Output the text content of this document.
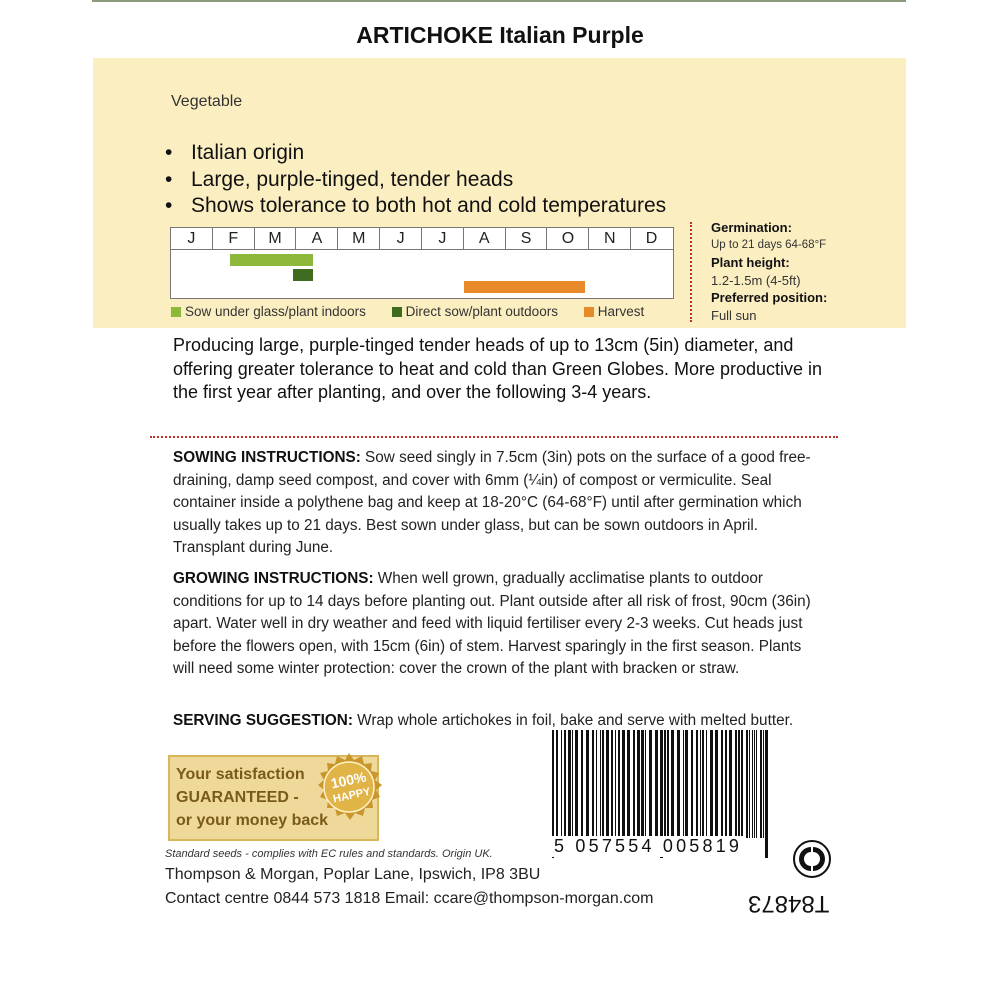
ARTICHOKE Italian Purple
Vegetable
• Italian origin
• Large, purple-tinged, tender heads
• Shows tolerance to both hot and cold temperatures
J	F	M	A	M	J	J	A	S	O	N	D
Sow under glass/plant indoors	Direct sow/plant outdoors	Harvest
Germination:
Up to 21 days 64-68°F
Plant height:
1.2-1.5m (4-5ft)
Preferred position:
Full sun
Producing large, purple-tinged tender heads of up to 13cm (5in) diameter, and offering greater tolerance to heat and cold than Green Globes. More productive in the first year after planting, and over the following 3-4 years.
SOWING INSTRUCTIONS: Sow seed singly in 7.5cm (3in) pots on the surface of a good free-draining, damp seed compost, and cover with 6mm (¼in) of compost or vermiculite. Seal container inside a polythene bag and keep at 18-20°C (64-68°F) until after germination which usually takes up to 21 days. Best sown under glass, but can be sown outdoors in April. Transplant during June.
GROWING INSTRUCTIONS: When well grown, gradually acclimatise plants to outdoor conditions for up to 14 days before planting out. Plant outside after all risk of frost, 90cm (36in) apart. Water well in dry weather and feed with liquid fertiliser every 2-3 weeks. Cut heads just before the flowers open, with 15cm (6in) of stem. Harvest sparingly in the first season. Plants will need some winter protection: cover the crown of the plant with bracken or straw.
SERVING SUGGESTION: Wrap whole artichokes in foil, bake and serve with melted butter.
Your satisfaction
GUARANTEED -
or your money back
100%
HAPPY
5 057554 005819
Standard seeds - complies with EC rules and standards. Origin UK.
Thompson & Morgan, Poplar Lane, Ipswich, IP8 3BU
Contact centre 0844 573 1818 Email: ccare@thompson-morgan.com	T84873
